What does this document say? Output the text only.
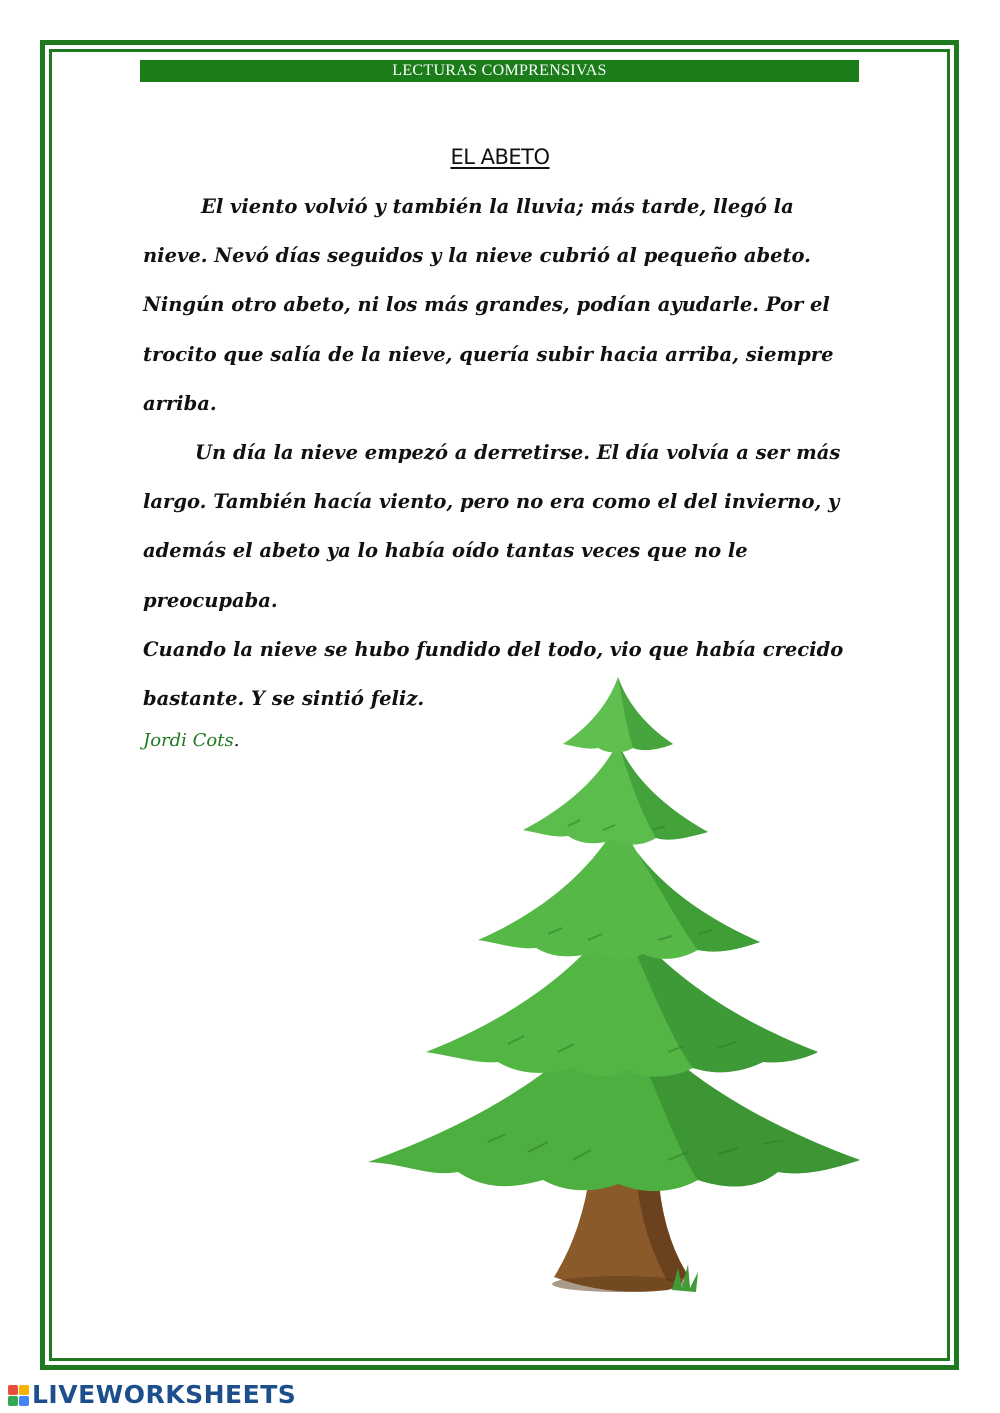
LECTURAS COMPRENSIVAS
EL ABETO

El viento volvió y también la lluvia; más tarde, llegó la nieve. Nevó días seguidos y la nieve cubrió al pequeño abeto. Ningún otro abeto, ni los más grandes, podían ayudarle. Por el trocito que salía de la nieve, quería subir hacia arriba, siempre arriba.

Un día la nieve empezó a derretirse. El día volvía a ser más largo. También hacía viento, pero no era como el del invierno, y además el abeto ya lo había oído tantas veces que no le preocupaba.

Cuando la nieve se hubo fundido del todo, vio que había crecido bastante. Y se sintió feliz.

Jordi Cots.
LIVEWORKSHEETS
